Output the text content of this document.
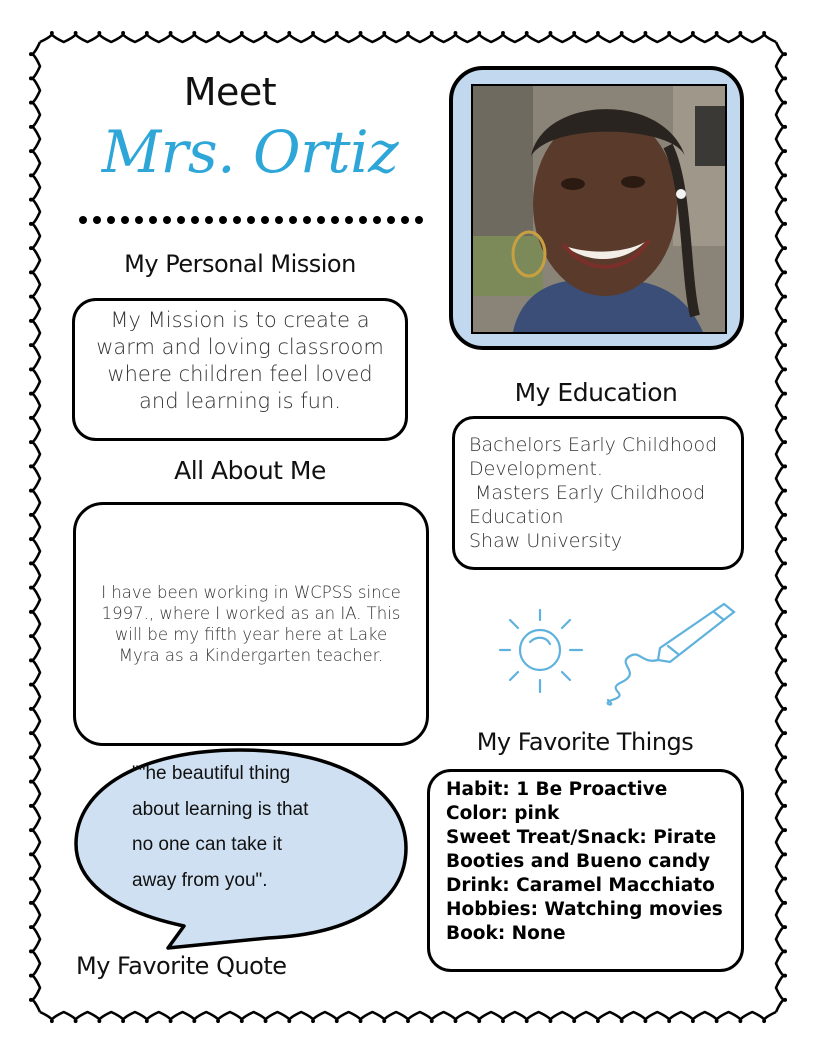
Meet
Mrs. Ortiz
My Personal Mission
My Mission is to create a warm and loving classroom where children feel loved and learning is fun.
All About Me
I have been working in WCPSS since 1997., where I worked as an IA. This will be my fifth year here at Lake Myra as a Kindergarten teacher.
My Education
Bachelors Early Childhood
Development.
Masters Early Childhood
Education
Shaw University
My Favorite Things
Habit: 1 Be Proactive
Color: pink
Sweet Treat/Snack: Pirate
Booties and Bueno candy
Drink: Caramel Macchiato
Hobbies: Watching movies
Book: None
""he beautiful thing
about learning is that
no one can take it
away from you".
My Favorite Quote
